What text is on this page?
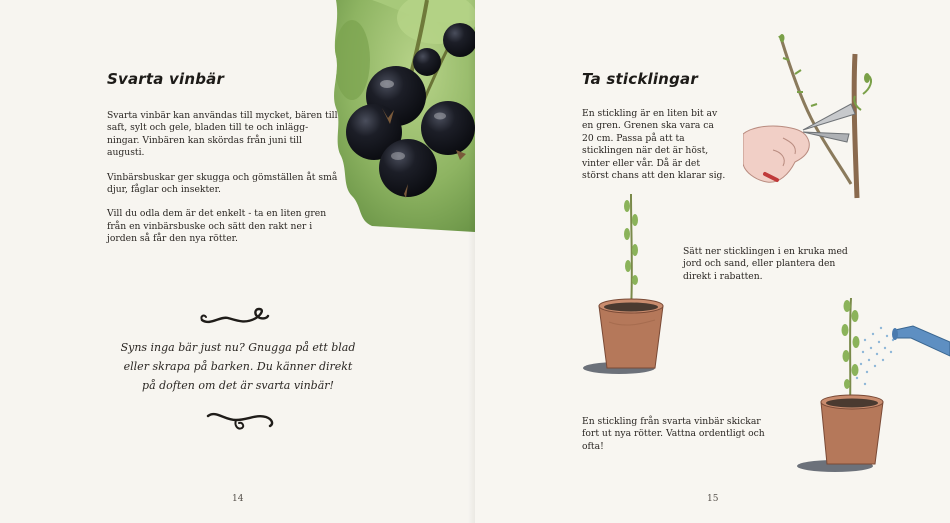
Svarta vinbär

Svarta vinbär kan användas till mycket, bären till saft, sylt och gele, bladen till te och inlägg-ningar. Vinbären kan skördas från juni till augusti.

Vinbärsbuskar ger skugga och gömställen åt små djur, fåglar och insekter.

Vill du odla dem är det enkelt - ta en liten gren från en vinbärsbuske och sätt den rakt ner i jorden så får den nya rötter.

Syns inga bär just nu? Gnugga på ett blad eller skrapa på barken. Du känner direkt på doften om det är svarta vinbär!

14
Ta sticklingar

En stickling är en liten bit av en gren. Grenen ska vara ca 20 cm. Passa på att ta sticklingen när det är höst, vinter eller vår. Då är det störst chans att den klarar sig.

Sätt ner sticklingen i en kruka med jord och sand, eller plantera den direkt i rabatten.

En stickling från svarta vinbär skickar fort ut nya rötter. Vattna ordentligt och ofta!

15
